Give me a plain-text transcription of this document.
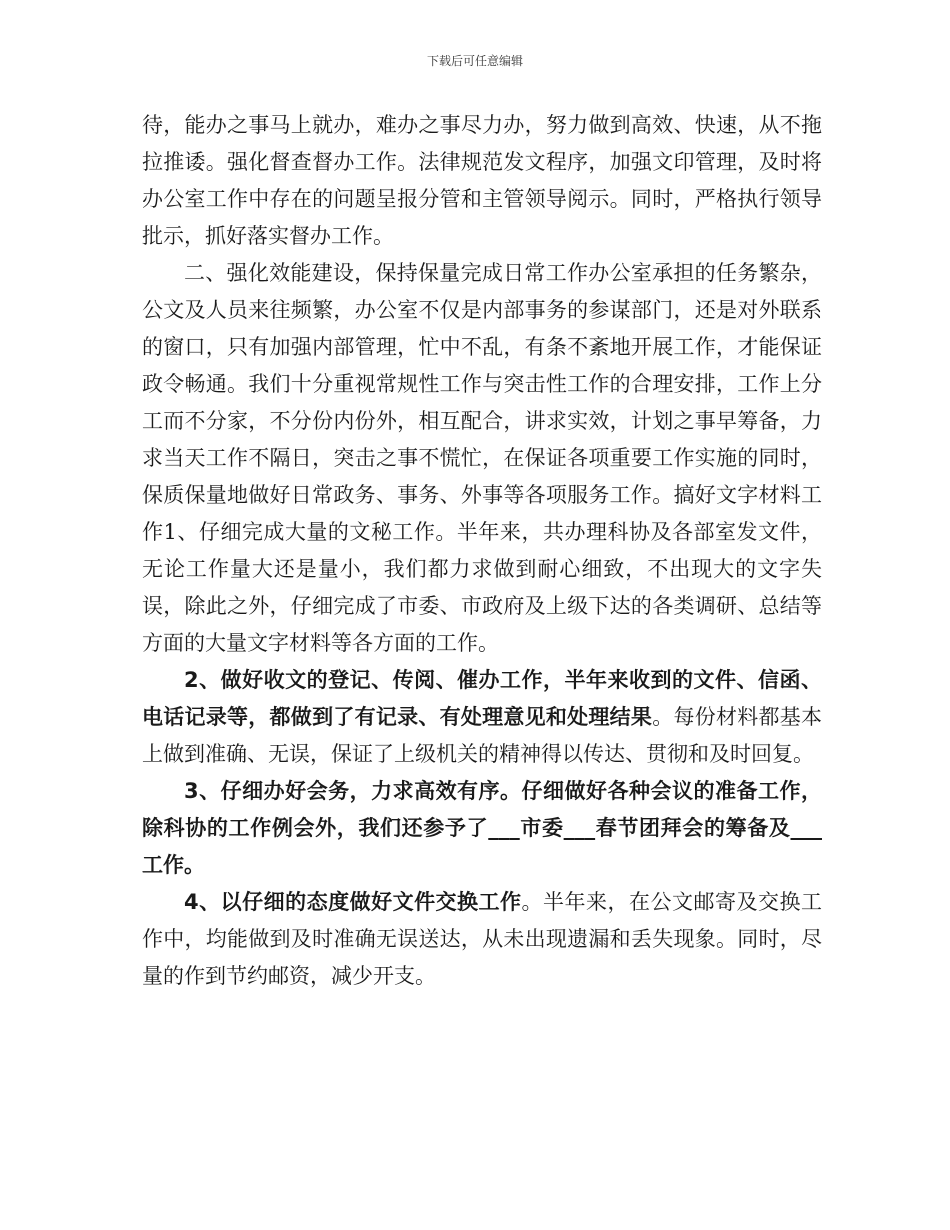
下载后可任意编辑

待，能办之事马上就办，难办之事尽力办，努力做到高效、快速，从不拖拉推诿。强化督查督办工作。法律规范发文程序，加强文印管理，及时将办公室工作中存在的问题呈报分管和主管领导阅示。同时，严格执行领导批示，抓好落实督办工作。

二、强化效能建设，保持保量完成日常工作办公室承担的任务繁杂，公文及人员来往频繁，办公室不仅是内部事务的参谋部门，还是对外联系的窗口，只有加强内部管理，忙中不乱，有条不紊地开展工作，才能保证政令畅通。我们十分重视常规性工作与突击性工作的合理安排，工作上分工而不分家，不分份内份外，相互配合，讲求实效，计划之事早筹备，力求当天工作不隔日，突击之事不慌忙，在保证各项重要工作实施的同时，保质保量地做好日常政务、事务、外事等各项服务工作。搞好文字材料工作1、仔细完成大量的文秘工作。半年来，共办理科协及各部室发文件，无论工作量大还是量小，我们都力求做到耐心细致，不出现大的文字失误，除此之外，仔细完成了市委、市政府及上级下达的各类调研、总结等方面的大量文字材料等各方面的工作。

2、做好收文的登记、传阅、催办工作，半年来收到的文件、信函、电话记录等，都做到了有记录、有处理意见和处理结果。每份材料都基本上做到准确、无误，保证了上级机关的精神得以传达、贯彻和及时回复。

3、仔细办好会务，力求高效有序。仔细做好各种会议的准备工作，除科协的工作例会外，我们还参予了___市委___春节团拜会的筹备及___工作。

4、以仔细的态度做好文件交换工作。半年来，在公文邮寄及交换工作中，均能做到及时准确无误送达，从未出现遗漏和丢失现象。同时，尽量的作到节约邮资，减少开支。
